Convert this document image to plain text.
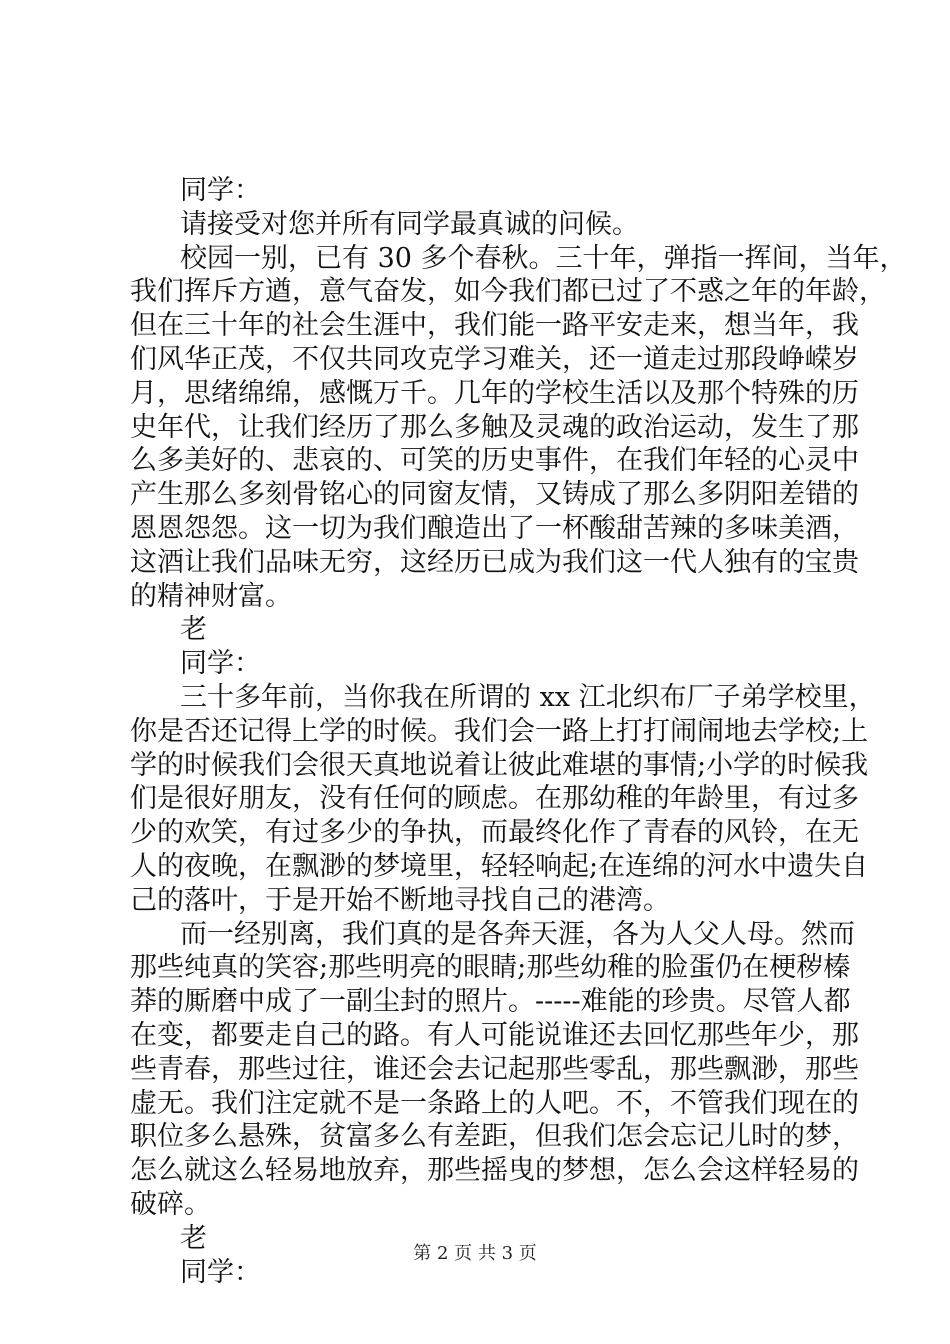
同学：
请接受对您并所有同学最真诚的问候。
校园一别，已有 30 多个春秋。三十年，弹指一挥间，当年，
我们挥斥方遒，意气奋发，如今我们都已过了不惑之年的年龄，
但在三十年的社会生涯中，我们能一路平安走来，想当年，我
们风华正茂，不仅共同攻克学习难关，还一道走过那段峥嵘岁
月，思绪绵绵，感慨万千。几年的学校生活以及那个特殊的历
史年代，让我们经历了那么多触及灵魂的政治运动，发生了那
么多美好的、悲哀的、可笑的历史事件，在我们年轻的心灵中
产生那么多刻骨铭心的同窗友情，又铸成了那么多阴阳差错的
恩恩怨怨。这一切为我们酿造出了一杯酸甜苦辣的多味美酒，
这酒让我们品味无穷，这经历已成为我们这一代人独有的宝贵
的精神财富。
老
同学：
三十多年前，当你我在所谓的 xx 江北织布厂子弟学校里，
你是否还记得上学的时候。我们会一路上打打闹闹地去学校;上
学的时候我们会很天真地说着让彼此难堪的事情;小学的时候我
们是很好朋友，没有任何的顾虑。在那幼稚的年龄里，有过多
少的欢笑，有过多少的争执，而最终化作了青春的风铃，在无
人的夜晚，在飘渺的梦境里，轻轻响起;在连绵的河水中遗失自
己的落叶，于是开始不断地寻找自己的港湾。
而一经别离，我们真的是各奔天涯，各为人父人母。然而
那些纯真的笑容;那些明亮的眼睛;那些幼稚的脸蛋仍在梗秽榛
莽的厮磨中成了一副尘封的照片。-----难能的珍贵。尽管人都
在变，都要走自己的路。有人可能说谁还去回忆那些年少，那
些青春，那些过往，谁还会去记起那些零乱，那些飘渺，那些
虚无。我们注定就不是一条路上的人吧。不，不管我们现在的
职位多么悬殊，贫富多么有差距，但我们怎会忘记儿时的梦，
怎么就这么轻易地放弃，那些摇曳的梦想，怎么会这样轻易的
破碎。
老
同学：
第 2 页 共 3 页
